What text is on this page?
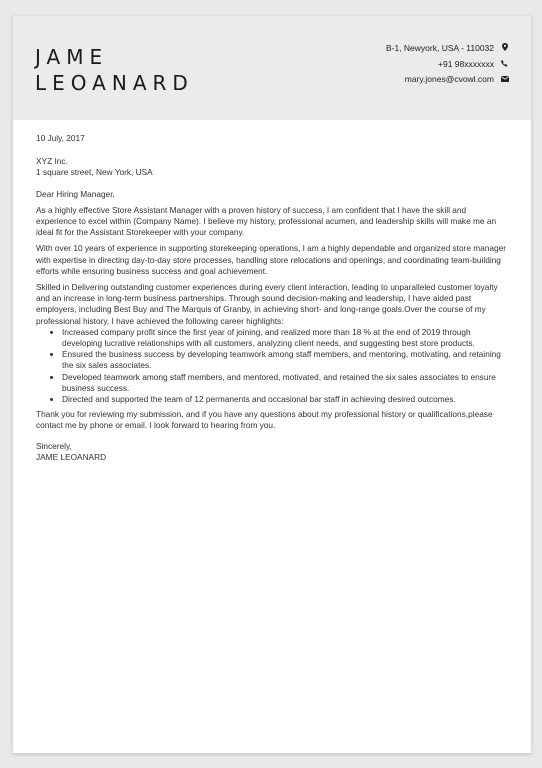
JAME
LEOANARD
B-1, Newyork, USA - 110032
+91 98xxxxxxx
mary.jones@cvowl.com

10 July, 2017

XYZ Inc.
1 square street, New York, USA

Dear Hiring Manager,

As a highly effective Store Assistant Manager with a proven history of success, I am confident that I have the skill and experience to excel within (Company Name). I believe my history, professional acumen, and leadership skills will make me an ideal fit for the Assistant Storekeeper with your company.

With over 10 years of experience in supporting storekeeping operations, I am a highly dependable and organized store manager with expertise in directing day-to-day store processes, handling store relocations and openings, and coordinating team-building efforts while ensuring business success and goal achievement.

Skilled in Delivering outstanding customer experiences during every client interaction, leading to unparalleled customer loyalty and an increase in long-term business partnerships. Through sound decision-making and leadership, I have aided past employers, including Best Buy and The Marquis of Granby, in achieving short- and long-range goals.Over the course of my professional history, I have achieved the following career highlights:

• Increased company profit since the first year of joining, and realized more than 18 % at the end of 2019 through developing lucrative relationships with all customers, analyzing client needs, and suggesting best store products.
• Ensured the business success by developing teamwork among staff members, and mentoring, motivating, and retaining the six sales associates.
• Developed teamwork among staff members, and mentored, motivated, and retained the six sales associates to ensure business success.
• Directed and supported the team of 12 permanents and occasional bar staff in achieving desired outcomes.

Thank you for reviewing my submission, and if you have any questions about my professional history or qualifications,please contact me by phone or email. I look forward to hearing from you.

Sincerely,
JAME LEOANARD
